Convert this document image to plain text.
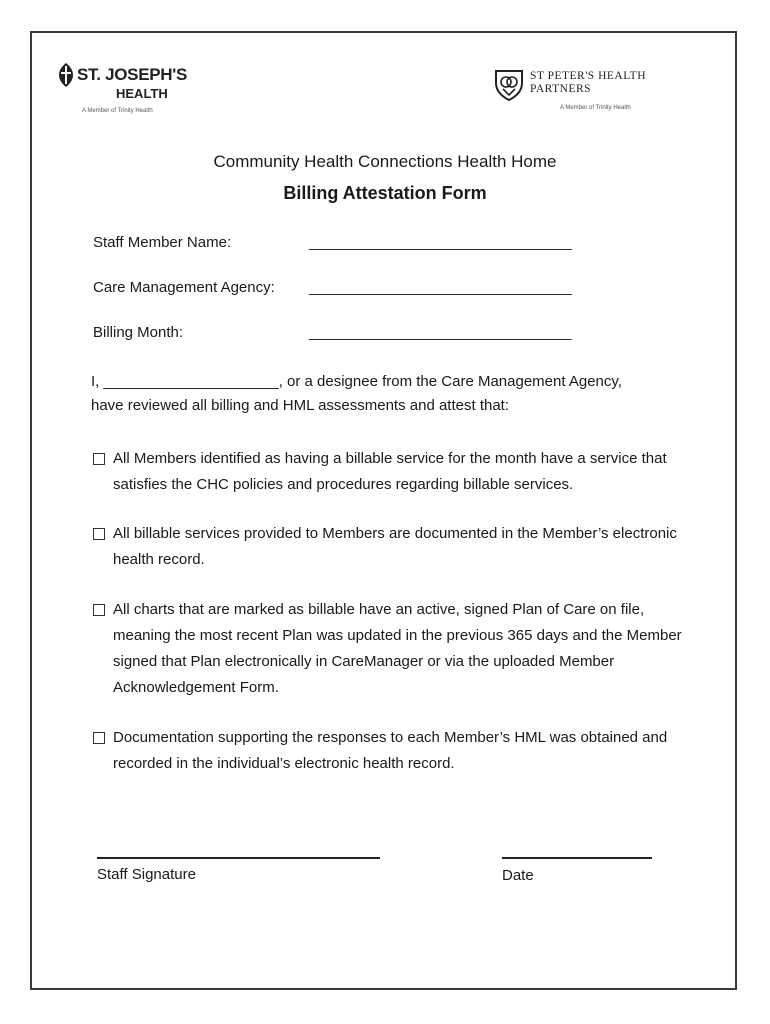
ST. JOSEPH'S
HEALTH
A Member of Trinity Health
ST PETER'S HEALTH
PARTNERS
A Member of Trinity Health
Community Health Connections Health Home
Billing Attestation Form
Staff Member Name:	_________________________________
Care Management Agency: _________________________________
Billing Month:	_________________________________
I, _____________________, or a designee from the Care Management Agency,
have reviewed all billing and HML assessments and attest that:
All Members identified as having a billable service for the month have a service that satisfies the CHC policies and procedures regarding billable services.
All billable services provided to Members are documented in the Member’s electronic health record.
All charts that are marked as billable have an active, signed Plan of Care on file, meaning the most recent Plan was updated in the previous 365 days and the Member signed that Plan electronically in CareManager or via the uploaded Member Acknowledgement Form.
Documentation supporting the responses to each Member’s HML was obtained and recorded in the individual’s electronic health record.
Staff Signature	Date
